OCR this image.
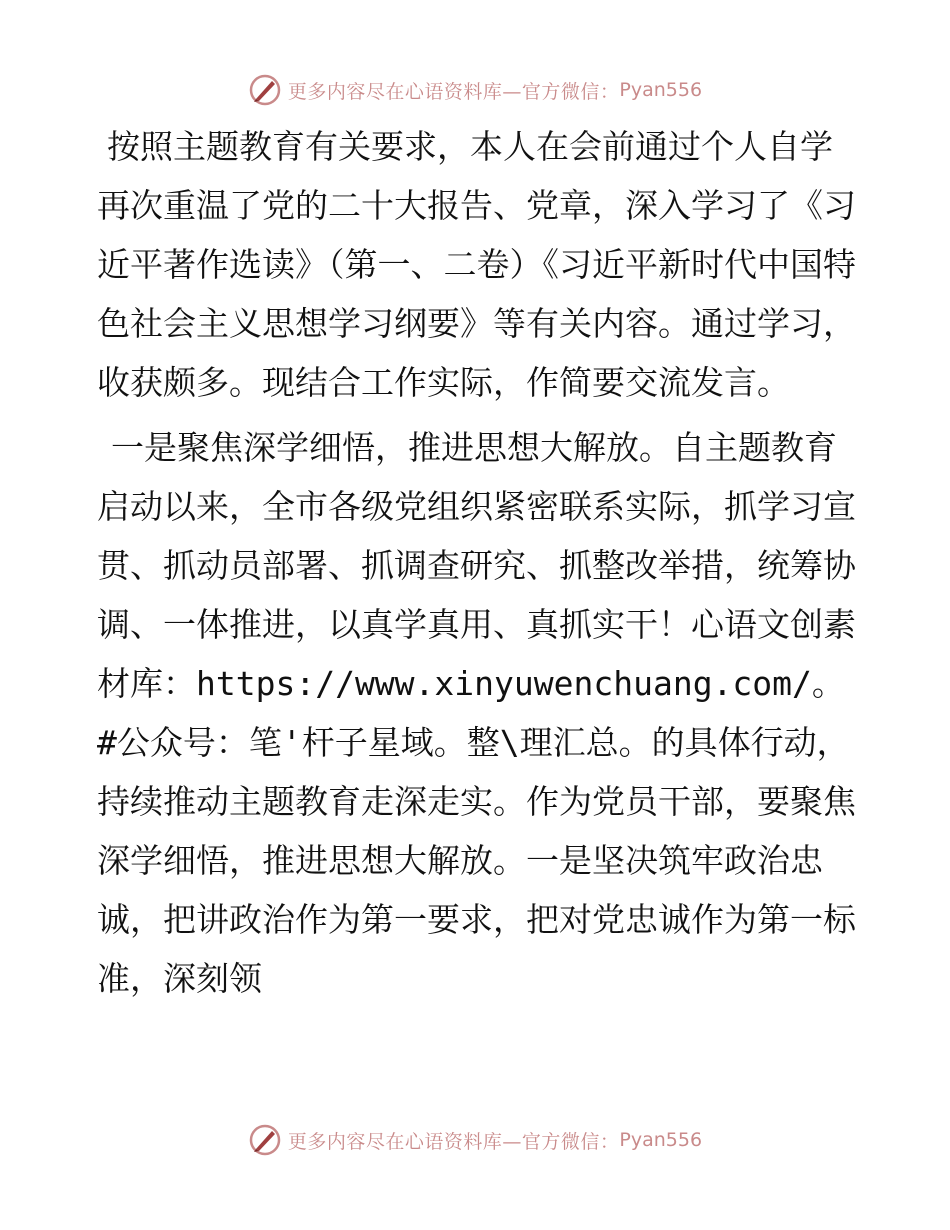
更多内容尽在心语资料库—官方微信： Pyan556

按照主题教育有关要求，本人在会前通过个人自学再次重温了党的二十大报告、党章，深入学习了《习近平著作选读》（第一、二卷）《习近平新时代中国特色社会主义思想学习纲要》等有关内容。通过学习，收获颇多。现结合工作实际，作简要交流发言。

一是聚焦深学细悟，推进思想大解放。自主题教育启动以来，全市各级党组织紧密联系实际，抓学习宣贯、抓动员部署、抓调查研究、抓整改举措，统筹协调、一体推进，以真学真用、真抓实干！心语文创素材库：https://www.xinyuwenchuang.com/。#公众号：笔'杆子星域。整\理汇总。的具体行动，持续推动主题教育走深走实。作为党员干部，要聚焦深学细悟，推进思想大解放。一是坚决筑牢政治忠诚，把讲政治作为第一要求，把对党忠诚作为第一标准，深刻领

更多内容尽在心语资料库—官方微信： Pyan556
